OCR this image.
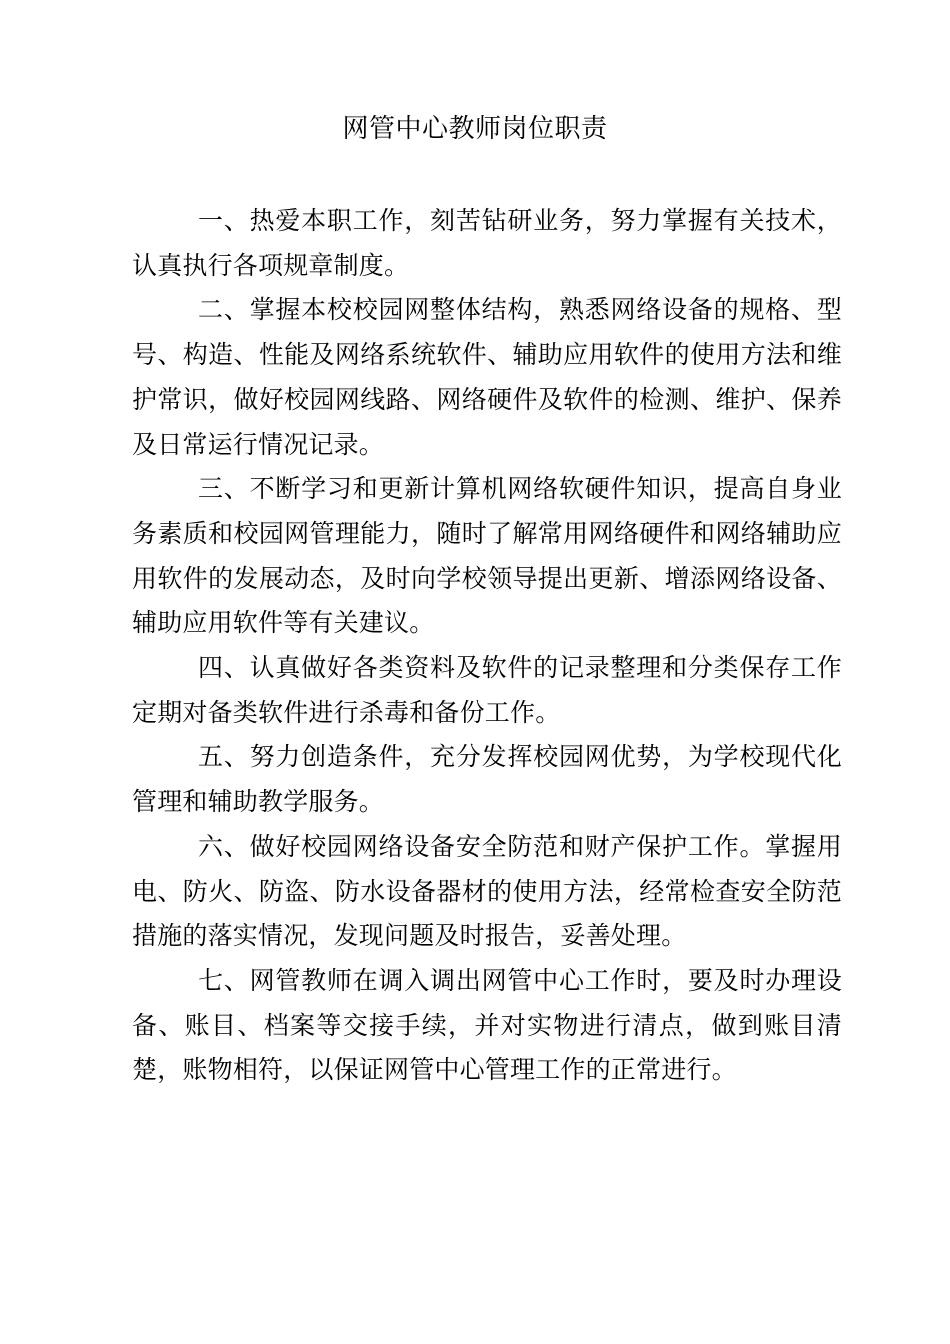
网管中心教师岗位职责

一、热爱本职工作，刻苦钻研业务，努力掌握有关技术，认真执行各项规章制度。

二、掌握本校校园网整体结构，熟悉网络设备的规格、型号、构造、性能及网络系统软件、辅助应用软件的使用方法和维护常识，做好校园网线路、网络硬件及软件的检测、维护、保养及日常运行情况记录。

三、不断学习和更新计算机网络软硬件知识，提高自身业务素质和校园网管理能力，随时了解常用网络硬件和网络辅助应用软件的发展动态，及时向学校领导提出更新、增添网络设备、辅助应用软件等有关建议。

四、认真做好各类资料及软件的记录整理和分类保存工作定期对备类软件进行杀毒和备份工作。

五、努力创造条件，充分发挥校园网优势，为学校现代化管理和辅助教学服务。

六、做好校园网络设备安全防范和财产保护工作。掌握用电、防火、防盗、防水设备器材的使用方法，经常检查安全防范措施的落实情况，发现问题及时报告，妥善处理。

七、网管教师在调入调出网管中心工作时，要及时办理设备、账目、档案等交接手续，并对实物进行清点，做到账目清楚，账物相符，以保证网管中心管理工作的正常进行。
